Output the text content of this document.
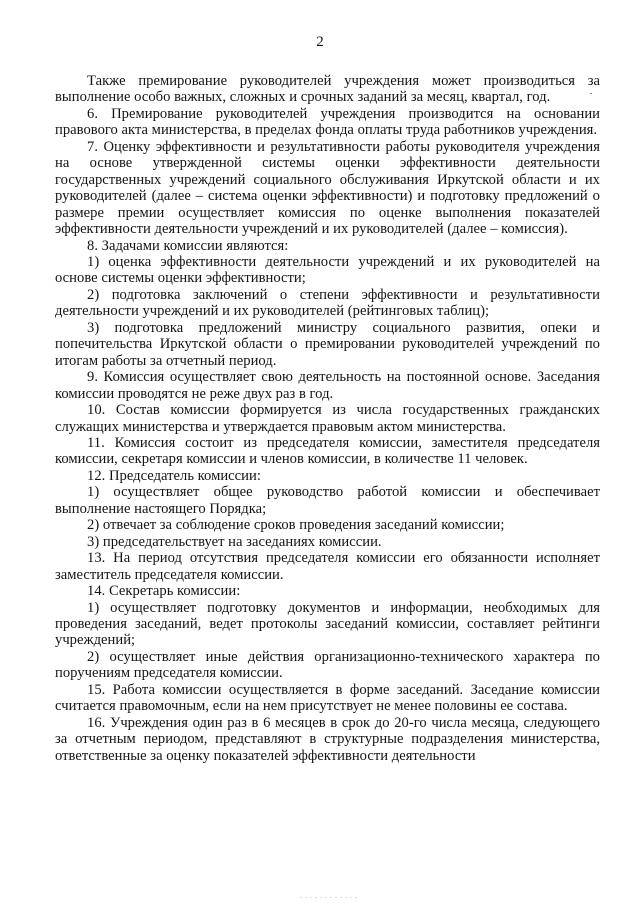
2

Также премирование руководителей учреждения может производиться за выполнение особо важных, сложных и срочных заданий за месяц, квартал, год.

6. Премирование руководителей учреждения производится на основании правового акта министерства, в пределах фонда оплаты труда работников учреждения.

7. Оценку эффективности и результативности работы руководителя учреждения на основе утвержденной системы оценки эффективности деятельности государственных учреждений социального обслуживания Иркутской области и их руководителей (далее – система оценки эффективности) и подготовку предложений о размере премии осуществляет комиссия по оценке выполнения показателей эффективности деятельности учреждений и их руководителей (далее – комиссия).

8. Задачами комиссии являются:

1) оценка эффективности деятельности учреждений и их руководителей на основе системы оценки эффективности;

2) подготовка заключений о степени эффективности и результативности деятельности учреждений и их руководителей (рейтинговых таблиц);

3) подготовка предложений министру социального развития, опеки и попечительства Иркутской области о премировании руководителей учреждений по итогам работы за отчетный период.

9. Комиссия осуществляет свою деятельность на постоянной основе. Заседания комиссии проводятся не реже двух раз в год.

10. Состав комиссии формируется из числа государственных гражданских служащих министерства и утверждается правовым актом министерства.

11. Комиссия состоит из председателя комиссии, заместителя председателя комиссии, секретаря комиссии и членов комиссии, в количестве 11 человек.

12. Председатель комиссии:

1) осуществляет общее руководство работой комиссии и обеспечивает выполнение настоящего Порядка;

2) отвечает за соблюдение сроков проведения заседаний комиссии;

3) председательствует на заседаниях комиссии.

13. На период отсутствия председателя комиссии его обязанности исполняет заместитель председателя комиссии.

14. Секретарь комиссии:

1) осуществляет подготовку документов и информации, необходимых для проведения заседаний, ведет протоколы заседаний комиссии, составляет рейтинги учреждений;

2) осуществляет иные действия организационно-технического характера по поручениям председателя комиссии.

15. Работа комиссии осуществляется в форме заседаний. Заседание комиссии считается правомочным, если на нем присутствует не менее половины ее состава.

16. Учреждения один раз в 6 месяцев в срок до 20-го числа месяца, следующего за отчетным периодом, представляют в структурные подразделения министерства, ответственные за оценку показателей эффективности деятельности
